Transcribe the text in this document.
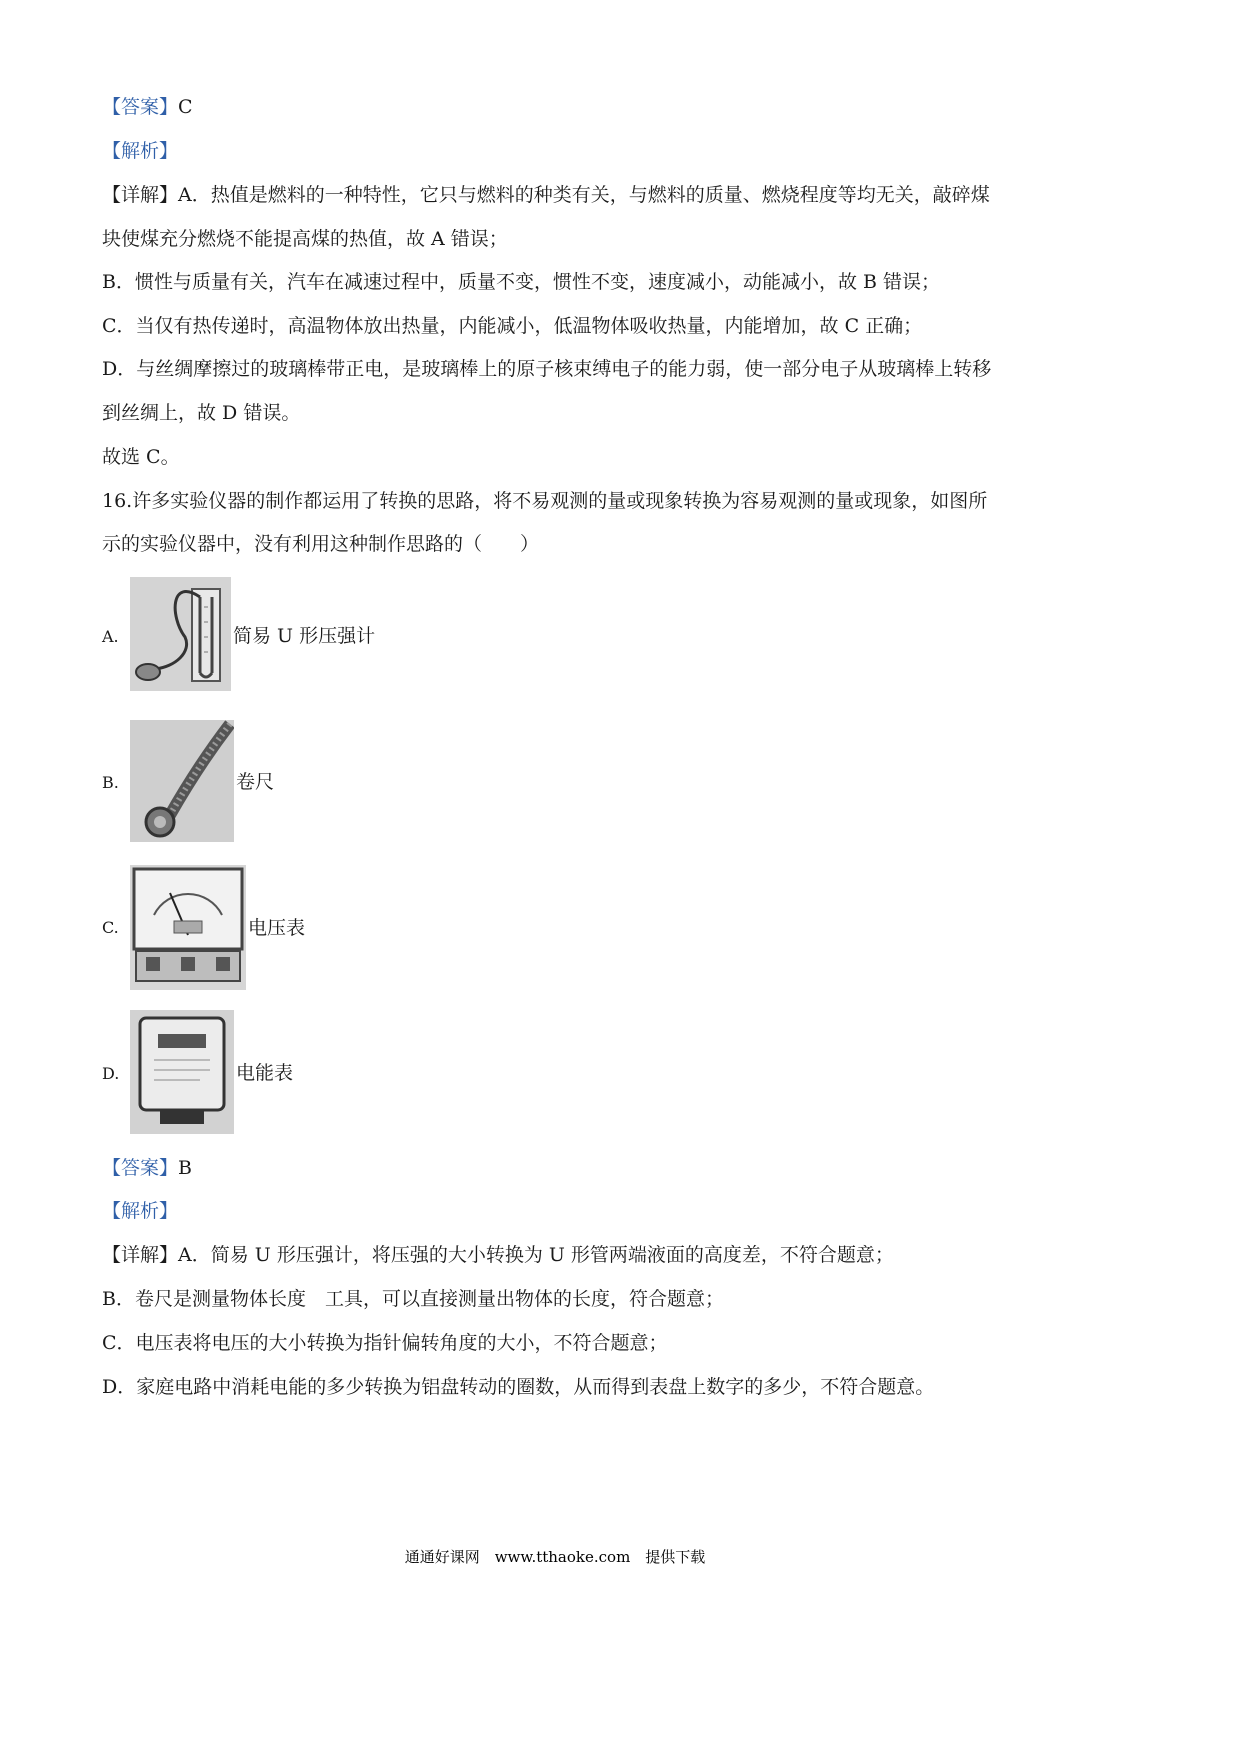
【答案】C
【解析】
【详解】A．热值是燃料的一种特性，它只与燃料的种类有关，与燃料的质量、燃烧程度等均无关，敲碎煤
块使煤充分燃烧不能提高煤的热值，故 A 错误；
B．惯性与质量有关，汽车在减速过程中，质量不变，惯性不变，速度减小，动能减小，故 B 错误；
C．当仅有热传递时，高温物体放出热量，内能减小，低温物体吸收热量，内能增加，故 C 正确；
D．与丝绸摩擦过的玻璃棒带正电，是玻璃棒上的原子核束缚电子的能力弱，使一部分电子从玻璃棒上转移
到丝绸上，故 D 错误。
故选 C。
16.许多实验仪器的制作都运用了转换的思路，将不易观测的量或现象转换为容易观测的量或现象，如图所
示的实验仪器中，没有利用这种制作思路的（　　）
A.	简易 U 形压强计
B.	卷尺
C.	电压表
D.	电能表
【答案】B
【解析】
【详解】A．简易 U 形压强计，将压强的大小转换为 U 形管两端液面的高度差，不符合题意；
B．卷尺是测量物体长度　工具，可以直接测量出物体的长度，符合题意；
C．电压表将电压的大小转换为指针偏转角度的大小，不符合题意；
D．家庭电路中消耗电能的多少转换为铝盘转动的圈数，从而得到表盘上数字的多少，不符合题意。
通通好课网　www.tthaoke.com　提供下载
